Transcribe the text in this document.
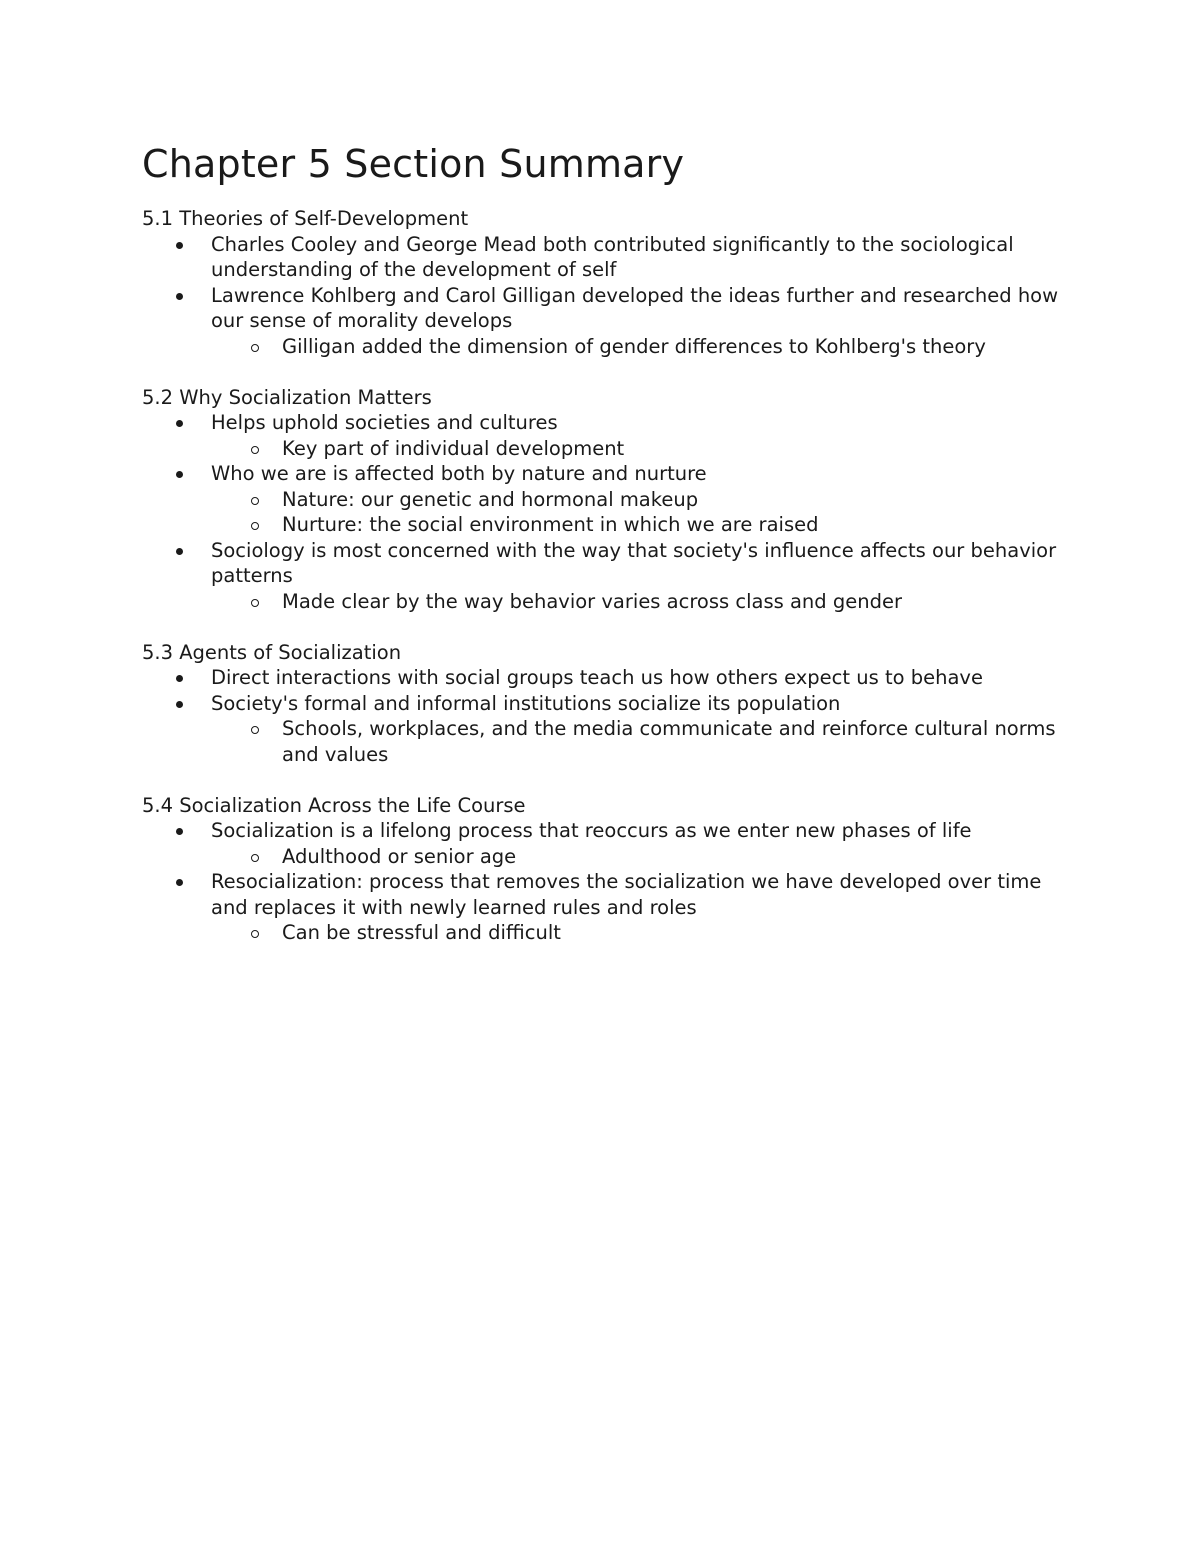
Chapter 5 Section Summary

5.1 Theories of Self-Development

Charles Cooley and George Mead both contributed significantly to the sociological understanding of the development of self
Lawrence Kohlberg and Carol Gilligan developed the ideas further and researched how our sense of morality develops
Gilligan added the dimension of gender differences to Kohlberg's theory

5.2 Why Socialization Matters

Helps uphold societies and cultures
Key part of individual development
Who we are is affected both by nature and nurture
Nature: our genetic and hormonal makeup
Nurture: the social environment in which we are raised
Sociology is most concerned with the way that society's influence affects our behavior patterns
Made clear by the way behavior varies across class and gender

5.3 Agents of Socialization

Direct interactions with social groups teach us how others expect us to behave
Society's formal and informal institutions socialize its population
Schools, workplaces, and the media communicate and reinforce cultural norms and values

5.4 Socialization Across the Life Course

Socialization is a lifelong process that reoccurs as we enter new phases of life
Adulthood or senior age
Resocialization: process that removes the socialization we have developed over time and replaces it with newly learned rules and roles
Can be stressful and difficult
